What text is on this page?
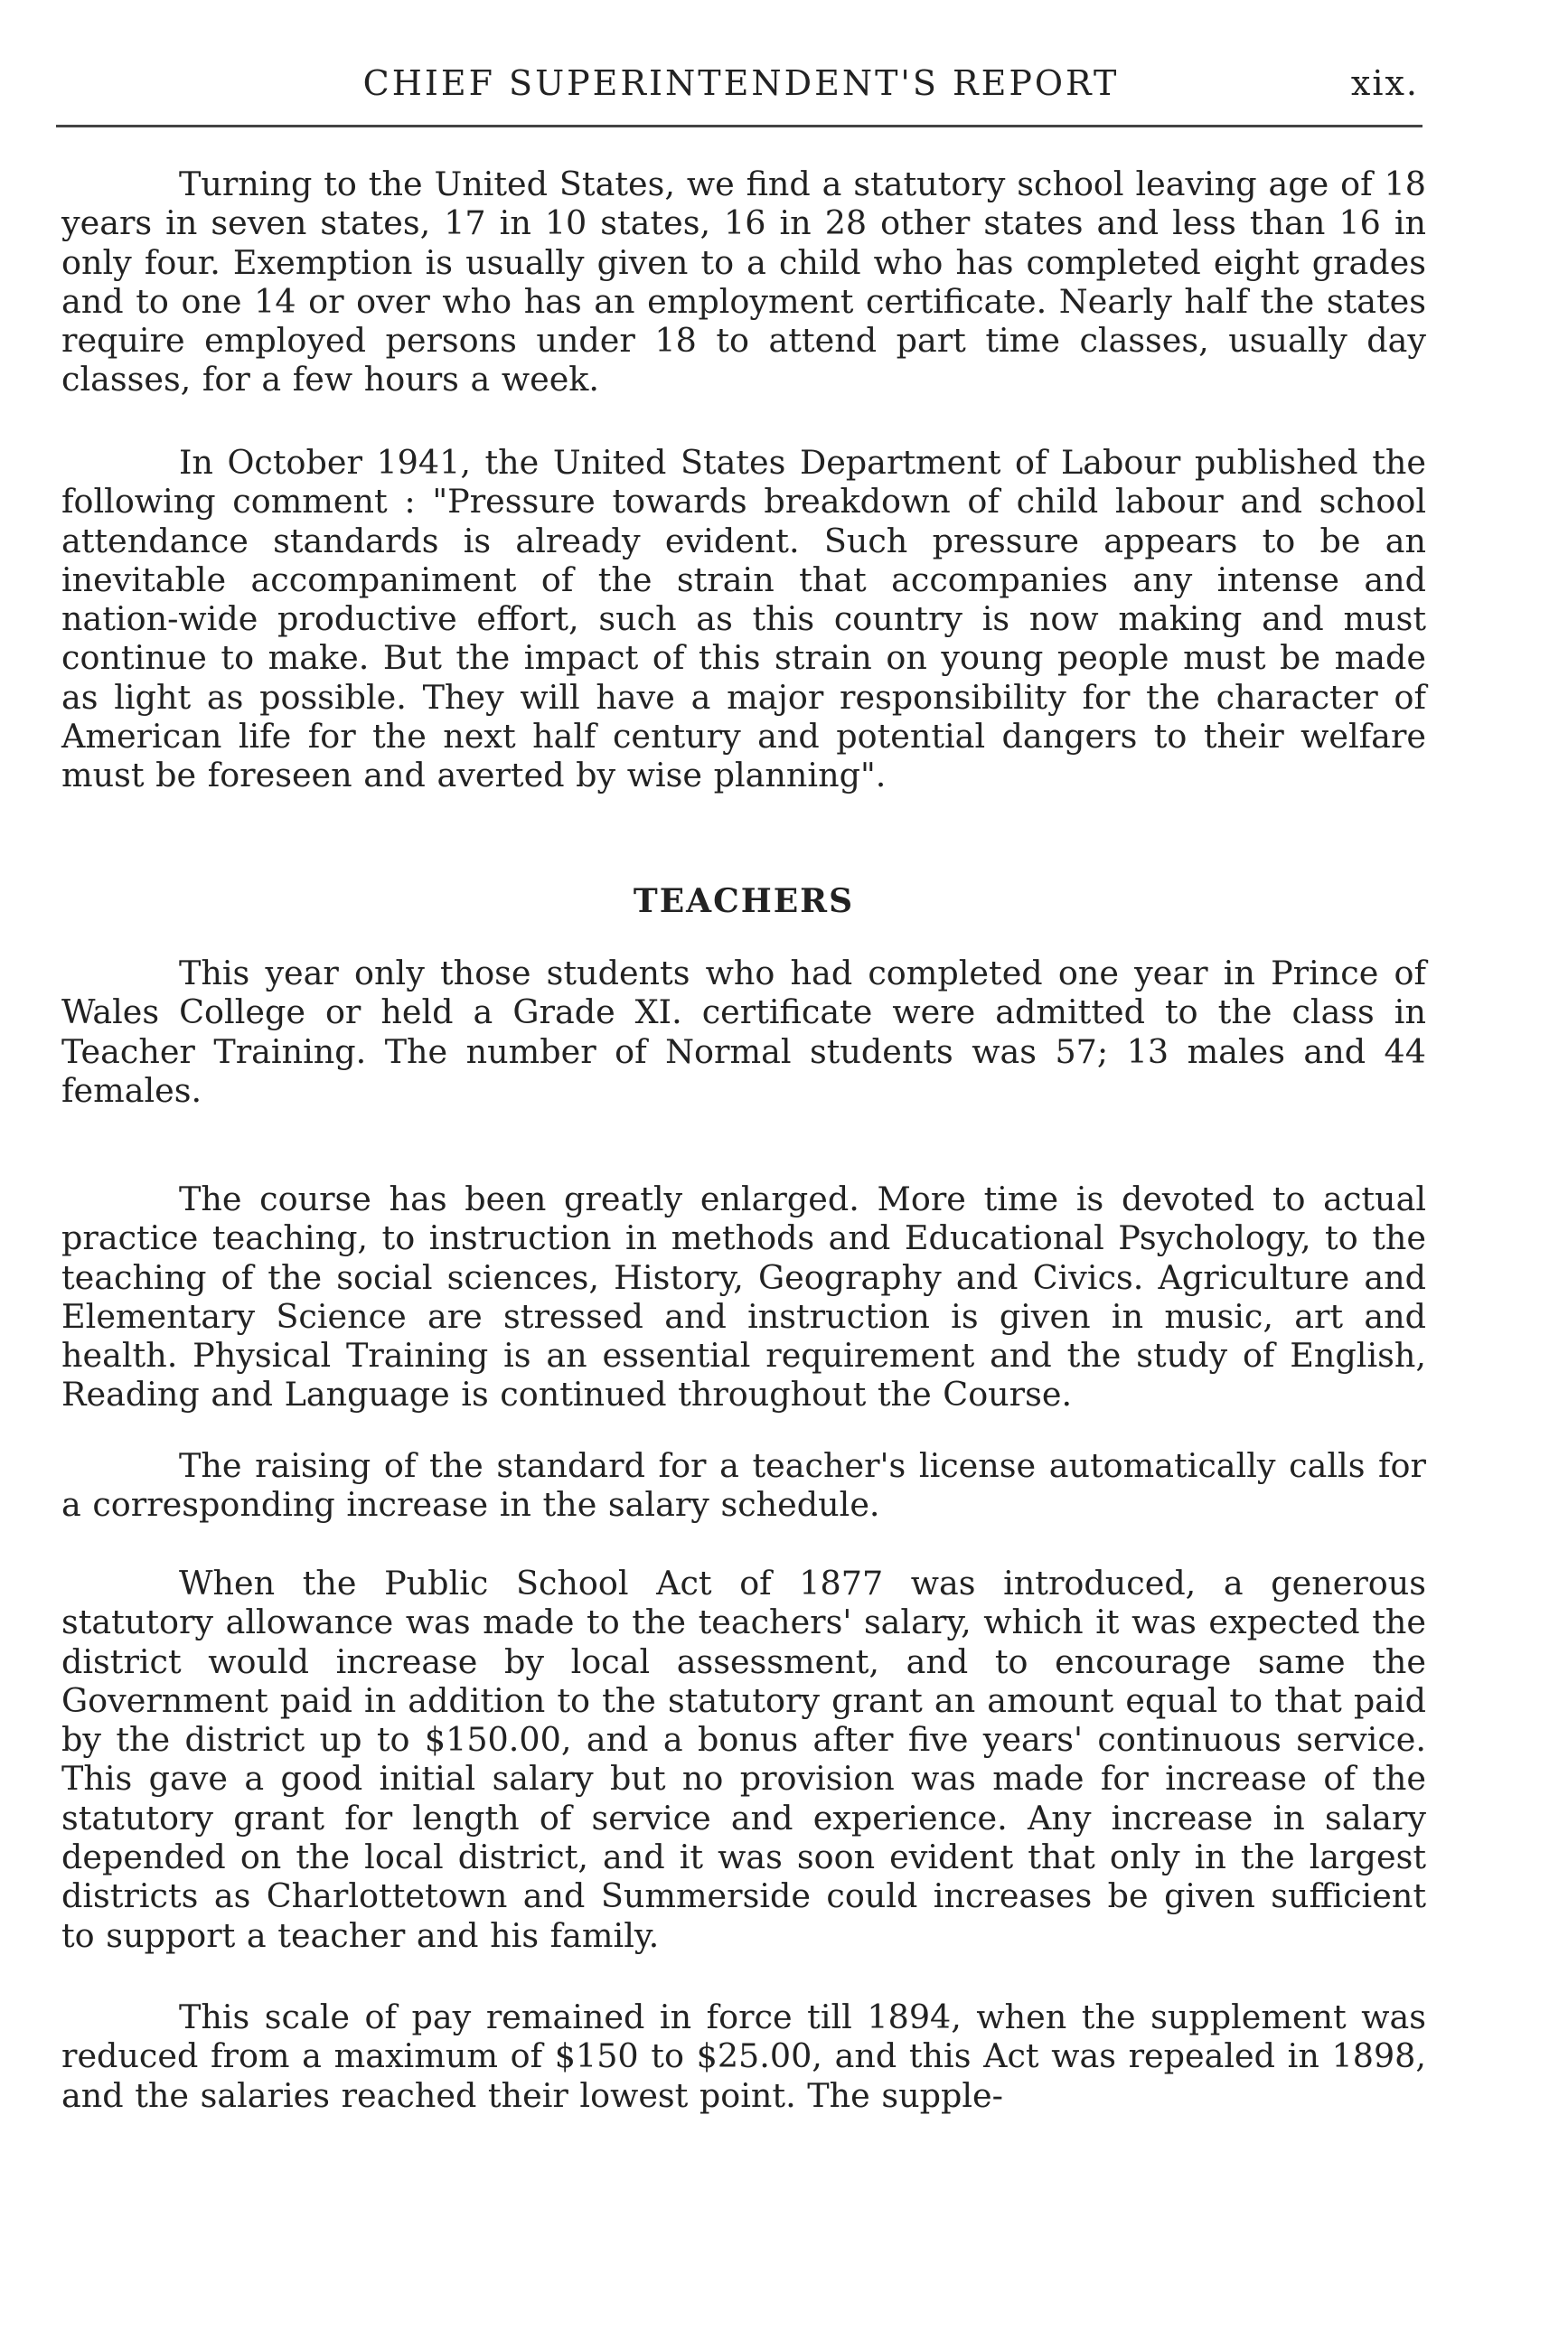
CHIEF SUPERINTENDENT'S REPORT	xix.

Turning to the United States, we find a statutory school leaving age of 18 years in seven states, 17 in 10 states, 16 in 28 other states and less than 16 in only four. Exemption is usually given to a child who has completed eight grades and to one 14 or over who has an employment certificate. Nearly half the states require employed persons under 18 to attend part time classes, usually day classes, for a few hours a week.

In October 1941, the United States Department of Labour published the following comment : "Pressure towards breakdown of child labour and school attendance standards is already evident. Such pressure appears to be an inevitable accompaniment of the strain that accompanies any intense and nation-wide productive effort, such as this country is now making and must continue to make. But the impact of this strain on young people must be made as light as possible. They will have a major responsibility for the character of American life for the next half century and potential dangers to their welfare must be foreseen and averted by wise planning".

TEACHERS

This year only those students who had completed one year in Prince of Wales College or held a Grade XI. certificate were admitted to the class in Teacher Training. The number of Normal students was 57; 13 males and 44 females.

The course has been greatly enlarged. More time is devoted to actual practice teaching, to instruction in methods and Educational Psychology, to the teaching of the social sciences, History, Geography and Civics. Agriculture and Elementary Science are stressed and instruction is given in music, art and health. Physical Training is an essential requirement and the study of English, Reading and Language is continued throughout the Course.

The raising of the standard for a teacher's license automatically calls for a corresponding increase in the salary schedule.

When the Public School Act of 1877 was introduced, a generous statutory allowance was made to the teachers' salary, which it was expected the district would increase by local assessment, and to encourage same the Government paid in addition to the statutory grant an amount equal to that paid by the district up to $150.00, and a bonus after five years' continuous service. This gave a good initial salary but no provision was made for increase of the statutory grant for length of service and experience. Any increase in salary depended on the local district, and it was soon evident that only in the largest districts as Charlottetown and Summerside could increases be given sufficient to support a teacher and his family.

This scale of pay remained in force till 1894, when the supplement was reduced from a maximum of $150 to $25.00, and this Act was repealed in 1898, and the salaries reached their lowest point. The supple-
